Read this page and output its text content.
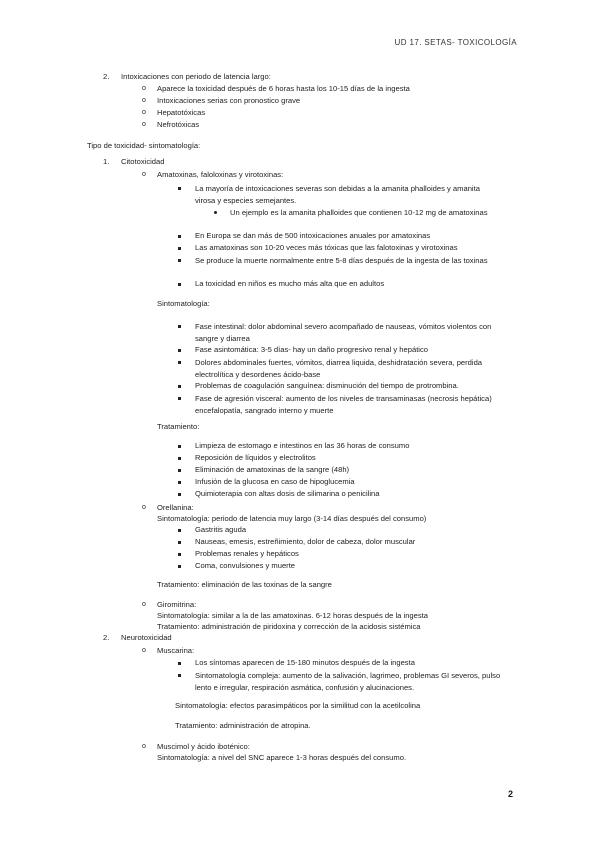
UD 17. SETAS- TOXICOLOGÍA
2. Intoxicaciones con periodo de latencia largo:
o Aparece la toxicidad después de 6 horas hasta los 10-15 días de la ingesta
o Intoxicaciones serias con pronostico grave
o Hepatotóxicas
o Nefrotóxicas
Tipo de toxicidad- sintomatología:
1. Citotoxicidad
o Amatoxinas, faloloxinas y virotoxinas:
La mayoría de intoxicaciones severas son debidas a la amanita phalloides y amanita virosa y especies semejantes.
Un ejemplo es la amanita phalloides que contienen 10-12 mg de amatoxinas
En Europa se dan más de 500 intoxicaciones anuales por amatoxinas
Las amatoxinas son 10-20 veces más tóxicas que las falotoxinas y virotoxinas
Se produce la muerte normalmente entre 5-8 días después de la ingesta de las toxinas
La toxicidad en niños es mucho más alta que en adultos
Sintomatología:
Fase intestinal: dolor abdominal severo acompañado de nauseas, vómitos violentos con sangre y diarrea
Fase asintomática: 3-5 días- hay un daño progresivo renal y hepático
Dolores abdominales fuertes, vómitos, diarrea liquida, deshidratación severa, perdida electrolítica y desordenes ácido-base
Problemas de coagulación sanguínea: disminución del tiempo de protrombina.
Fase de agresión visceral: aumento de los niveles de transaminasas (necrosis hepática) encefalopatía, sangrado interno y muerte
Tratamiento:
Limpieza de estomago e intestinos en las 36 horas de consumo
Reposición de líquidos y electrolitos
Eliminación de amatoxinas de la sangre (48h)
Infusión de la glucosa en caso de hipoglucemia
Quimioterapia con altas dosis de silimarina o penicilina
o Orellanina:
Sintomatología: periodo de latencia muy largo (3-14 días después del consumo)
Gastritis aguda
Nauseas, emesis, estreñimiento, dolor de cabeza, dolor muscular
Problemas renales y hepáticos
Coma, convulsiones y muerte
Tratamiento: eliminación de las toxinas de la sangre
o Giromitrina:
Sintomatología: similar a la de las amatoxinas. 6-12 horas después de la ingesta
Tratamiento: administración de piridoxina y corrección de la acidosis sistémica
2. Neurotoxicidad
o Muscarina:
Los síntomas aparecen de 15-180 minutos después de la ingesta
Sintomatología compleja: aumento de la salivación, lagrimeo, problemas GI severos, pulso lento e irregular, respiración asmática, confusión y alucinaciones.
Sintomatología: efectos parasimpáticos por la similitud con la acetilcolina
Tratamiento: administración de atropina.
o Muscimol y ácido iboténico:
Sintomatología: a nivel del SNC aparece 1-3 horas después del consumo.
2
